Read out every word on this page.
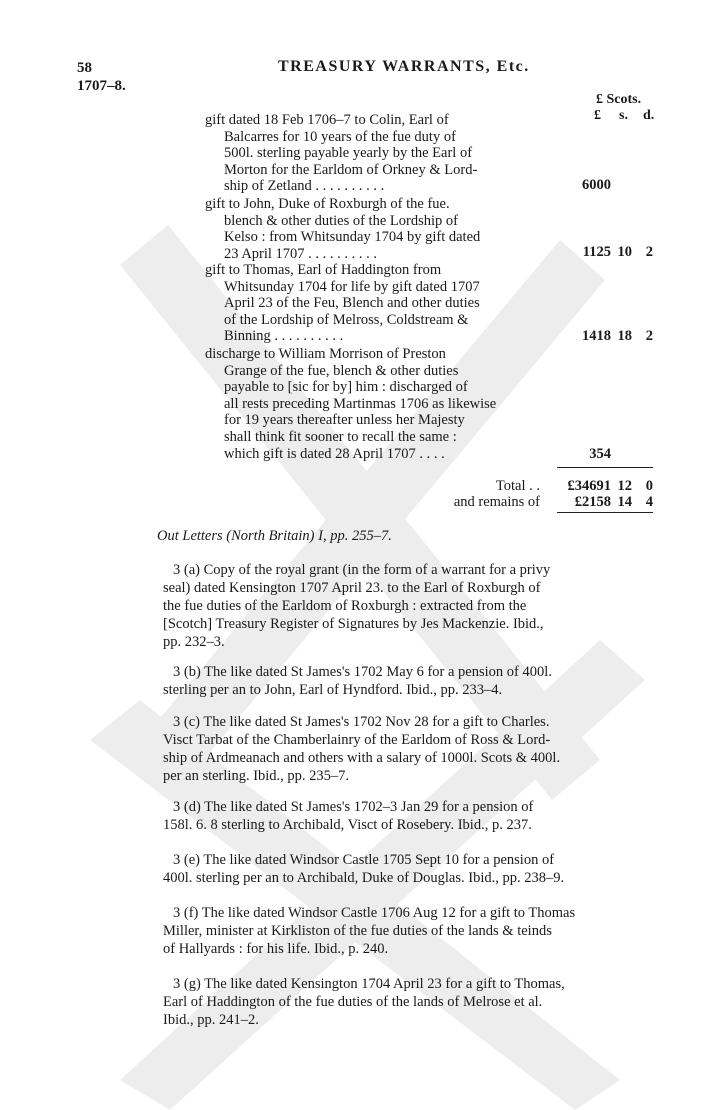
58	TREASURY WARRANTS, Etc.
1707–8.
£ Scots.
£ s. d.
gift dated 18 Feb 1706–7 to Colin, Earl of
Balcarres for 10 years of the fue duty of
500l. sterling payable yearly by the Earl of
Morton for the Earldom of Orkney & Lord-
ship of Zetland . . . . . . . . . .	6000
gift to John, Duke of Roxburgh of the fue.
blench & other duties of the Lordship of
Kelso : from Whitsunday 1704 by gift dated
23 April 1707 . . . . . . . . . .	1125 10 2
gift to Thomas, Earl of Haddington from
Whitsunday 1704 for life by gift dated 1707
April 23 of the Feu, Blench and other duties
of the Lordship of Melross, Coldstream &
Binning . . . . . . . . . .	1418 18 2
discharge to William Morrison of Preston
Grange of the fue, blench & other duties
payable to [sic for by] him : discharged of
all rests preceding Martinmas 1706 as likewise
for 19 years thereafter unless her Majesty
shall think fit sooner to recall the same :
which gift is dated 28 April 1707 . . . .	354
Total . .	£34691 12 0
and remains of	£2158 14 4
Out Letters (North Britain) I, pp. 255–7.
3 (a) Copy of the royal grant (in the form of a warrant for a privy
seal) dated Kensington 1707 April 23. to the Earl of Roxburgh of
the fue duties of the Earldom of Roxburgh : extracted from the
[Scotch] Treasury Register of Signatures by Jes Mackenzie. Ibid.,
pp. 232–3.
3 (b) The like dated St James's 1702 May 6 for a pension of 400l.
sterling per an to John, Earl of Hyndford. Ibid., pp. 233–4.
3 (c) The like dated St James's 1702 Nov 28 for a gift to Charles.
Visct Tarbat of the Chamberlainry of the Earldom of Ross & Lord-
ship of Ardmeanach and others with a salary of 1000l. Scots & 400l.
per an sterling. Ibid., pp. 235–7.
3 (d) The like dated St James's 1702–3 Jan 29 for a pension of
158l. 6. 8 sterling to Archibald, Visct of Rosebery. Ibid., p. 237.
3 (e) The like dated Windsor Castle 1705 Sept 10 for a pension of
400l. sterling per an to Archibald, Duke of Douglas. Ibid., pp. 238–9.
3 (f) The like dated Windsor Castle 1706 Aug 12 for a gift to Thomas
Miller, minister at Kirkliston of the fue duties of the lands & teinds
of Hallyards : for his life. Ibid., p. 240.
3 (g) The like dated Kensington 1704 April 23 for a gift to Thomas,
Earl of Haddington of the fue duties of the lands of Melrose et al.
Ibid., pp. 241–2.
